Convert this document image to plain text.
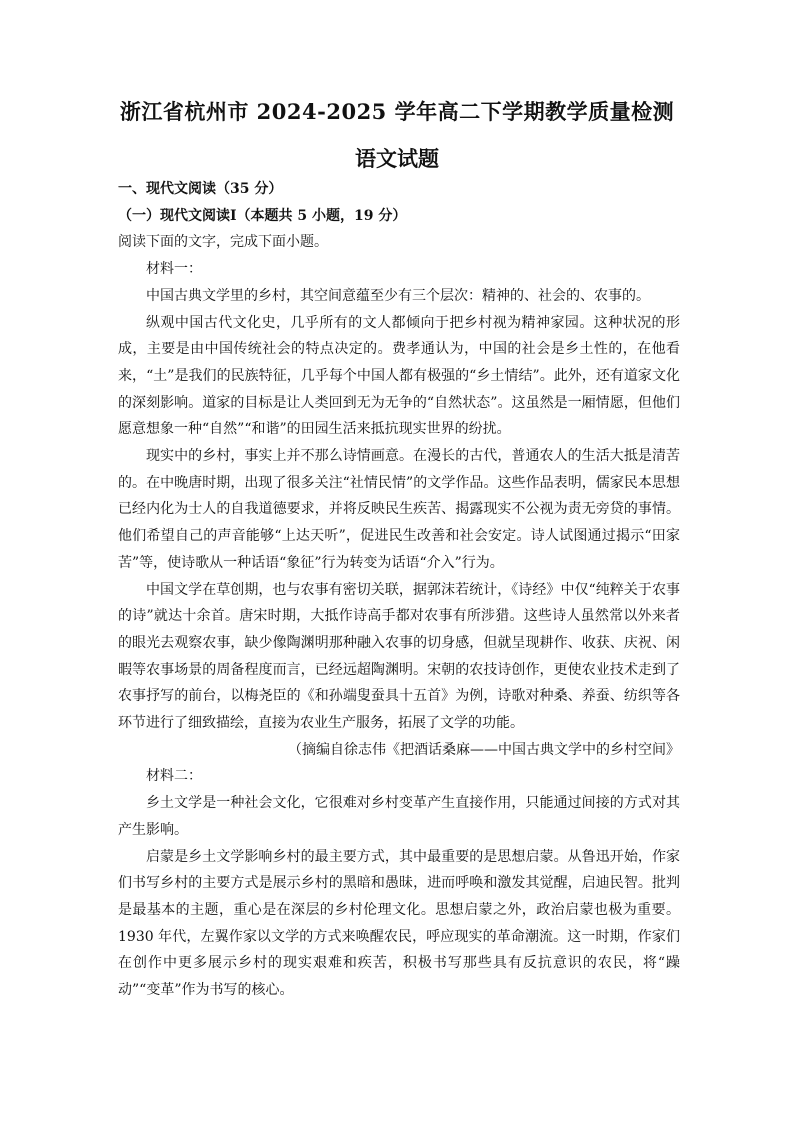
浙江省杭州市 2024-2025 学年高二下学期教学质量检测
语文试题

一、现代文阅读（35 分）

（一）现代文阅读Ⅰ（本题共 5 小题，19 分）

阅读下面的文字，完成下面小题。

材料一：

中国古典文学里的乡村，其空间意蕴至少有三个层次：精神的、社会的、农事的。

纵观中国古代文化史，几乎所有的文人都倾向于把乡村视为精神家园。这种状况的形成，主要是由中国传统社会的特点决定的。费孝通认为，中国的社会是乡土性的，在他看来，“土”是我们的民族特征，几乎每个中国人都有极强的“乡土情结”。此外，还有道家文化的深刻影响。道家的目标是让人类回到无为无争的“自然状态”。这虽然是一厢情愿，但他们愿意想象一种“自然”“和谐”的田园生活来抵抗现实世界的纷扰。

现实中的乡村，事实上并不那么诗情画意。在漫长的古代，普通农人的生活大抵是清苦的。在中晚唐时期，出现了很多关注“社情民情”的文学作品。这些作品表明，儒家民本思想已经内化为士人的自我道德要求，并将反映民生疾苦、揭露现实不公视为责无旁贷的事情。他们希望自己的声音能够“上达天听”，促进民生改善和社会安定。诗人试图通过揭示“田家苦”等，使诗歌从一种话语“象征”行为转变为话语“介入”行为。

中国文学在草创期，也与农事有密切关联，据郭沫若统计，《诗经》中仅“纯粹关于农事的诗”就达十余首。唐宋时期，大抵作诗高手都对农事有所涉猎。这些诗人虽然常以外来者的眼光去观察农事，缺少像陶渊明那种融入农事的切身感，但就呈现耕作、收获、庆祝、闲暇等农事场景的周备程度而言，已经远超陶渊明。宋朝的农技诗创作，更使农业技术走到了农事抒写的前台，以梅尧臣的《和孙端叟蚕具十五首》为例，诗歌对种桑、养蚕、纺织等各环节进行了细致描绘，直接为农业生产服务，拓展了文学的功能。

（摘编自徐志伟《把酒话桑麻——中国古典文学中的乡村空间》

材料二：

乡土文学是一种社会文化，它很难对乡村变革产生直接作用，只能通过间接的方式对其产生影响。

启蒙是乡土文学影响乡村的最主要方式，其中最重要的是思想启蒙。从鲁迅开始，作家们书写乡村的主要方式是展示乡村的黑暗和愚昧，进而呼唤和激发其觉醒，启迪民智。批判是最基本的主题，重心是在深层的乡村伦理文化。思想启蒙之外，政治启蒙也极为重要。1930 年代，左翼作家以文学的方式来唤醒农民，呼应现实的革命潮流。这一时期，作家们在创作中更多展示乡村的现实艰难和疾苦，积极书写那些具有反抗意识的农民，将“躁动”“变革”作为书写的核心。
